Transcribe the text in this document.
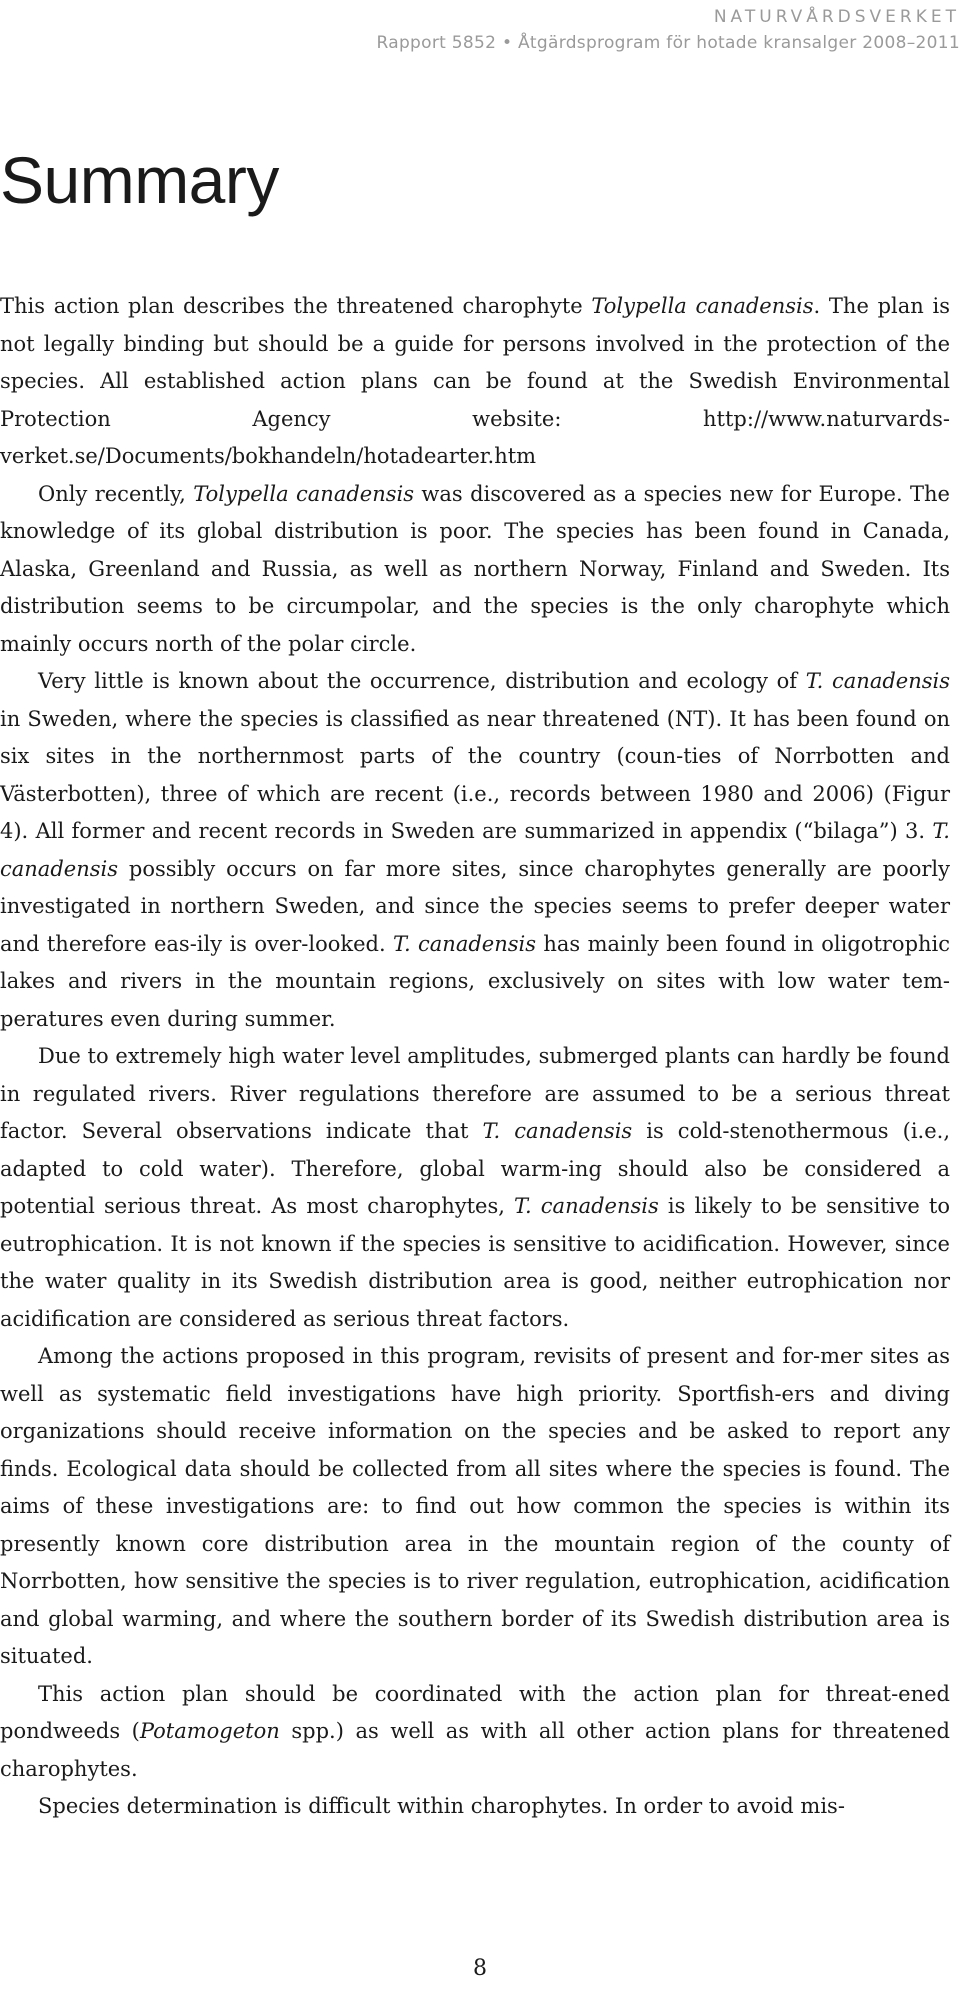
NATURVÅRDSVERKET
Rapport 5852 • Åtgärdsprogram för hotade kransalger 2008–2011
Summary

This action plan describes the threatened charophyte Tolypella canadensis. The plan is not legally binding but should be a guide for persons involved in the protection of the species. All established action plans can be found at the Swedish Environmental Protection Agency website: http://www.naturvards-verket.se/Documents/bokhandeln/hotadearter.htm

Only recently, Tolypella canadensis was discovered as a species new for Europe. The knowledge of its global distribution is poor. The species has been found in Canada, Alaska, Greenland and Russia, as well as northern Norway, Finland and Sweden. Its distribution seems to be circumpolar, and the species is the only charophyte which mainly occurs north of the polar circle.

Very little is known about the occurrence, distribution and ecology of T. canadensis in Sweden, where the species is classified as near threatened (NT). It has been found on six sites in the northernmost parts of the country (coun-ties of Norrbotten and Västerbotten), three of which are recent (i.e., records between 1980 and 2006) (Figur 4). All former and recent records in Sweden are summarized in appendix (“bilaga”) 3. T. canadensis possibly occurs on far more sites, since charophytes generally are poorly investigated in northern Sweden, and since the species seems to prefer deeper water and therefore eas-ily is over-looked. T. canadensis has mainly been found in oligotrophic lakes and rivers in the mountain regions, exclusively on sites with low water tem-peratures even during summer.

Due to extremely high water level amplitudes, submerged plants can hardly be found in regulated rivers. River regulations therefore are assumed to be a serious threat factor. Several observations indicate that T. canadensis is cold-stenothermous (i.e., adapted to cold water). Therefore, global warm-ing should also be considered a potential serious threat. As most charophytes, T. canadensis is likely to be sensitive to eutrophication. It is not known if the species is sensitive to acidification. However, since the water quality in its Swedish distribution area is good, neither eutrophication nor acidification are considered as serious threat factors.

Among the actions proposed in this program, revisits of present and for-mer sites as well as systematic field investigations have high priority. Sportfish-ers and diving organizations should receive information on the species and be asked to report any finds. Ecological data should be collected from all sites where the species is found. The aims of these investigations are: to find out how common the species is within its presently known core distribution area in the mountain region of the county of Norrbotten, how sensitive the species is to river regulation, eutrophication, acidification and global warming, and where the southern border of its Swedish distribution area is situated.

This action plan should be coordinated with the action plan for threat-ened pondweeds (Potamogeton spp.) as well as with all other action plans for threatened charophytes.

Species determination is difficult within charophytes. In order to avoid mis-

8
